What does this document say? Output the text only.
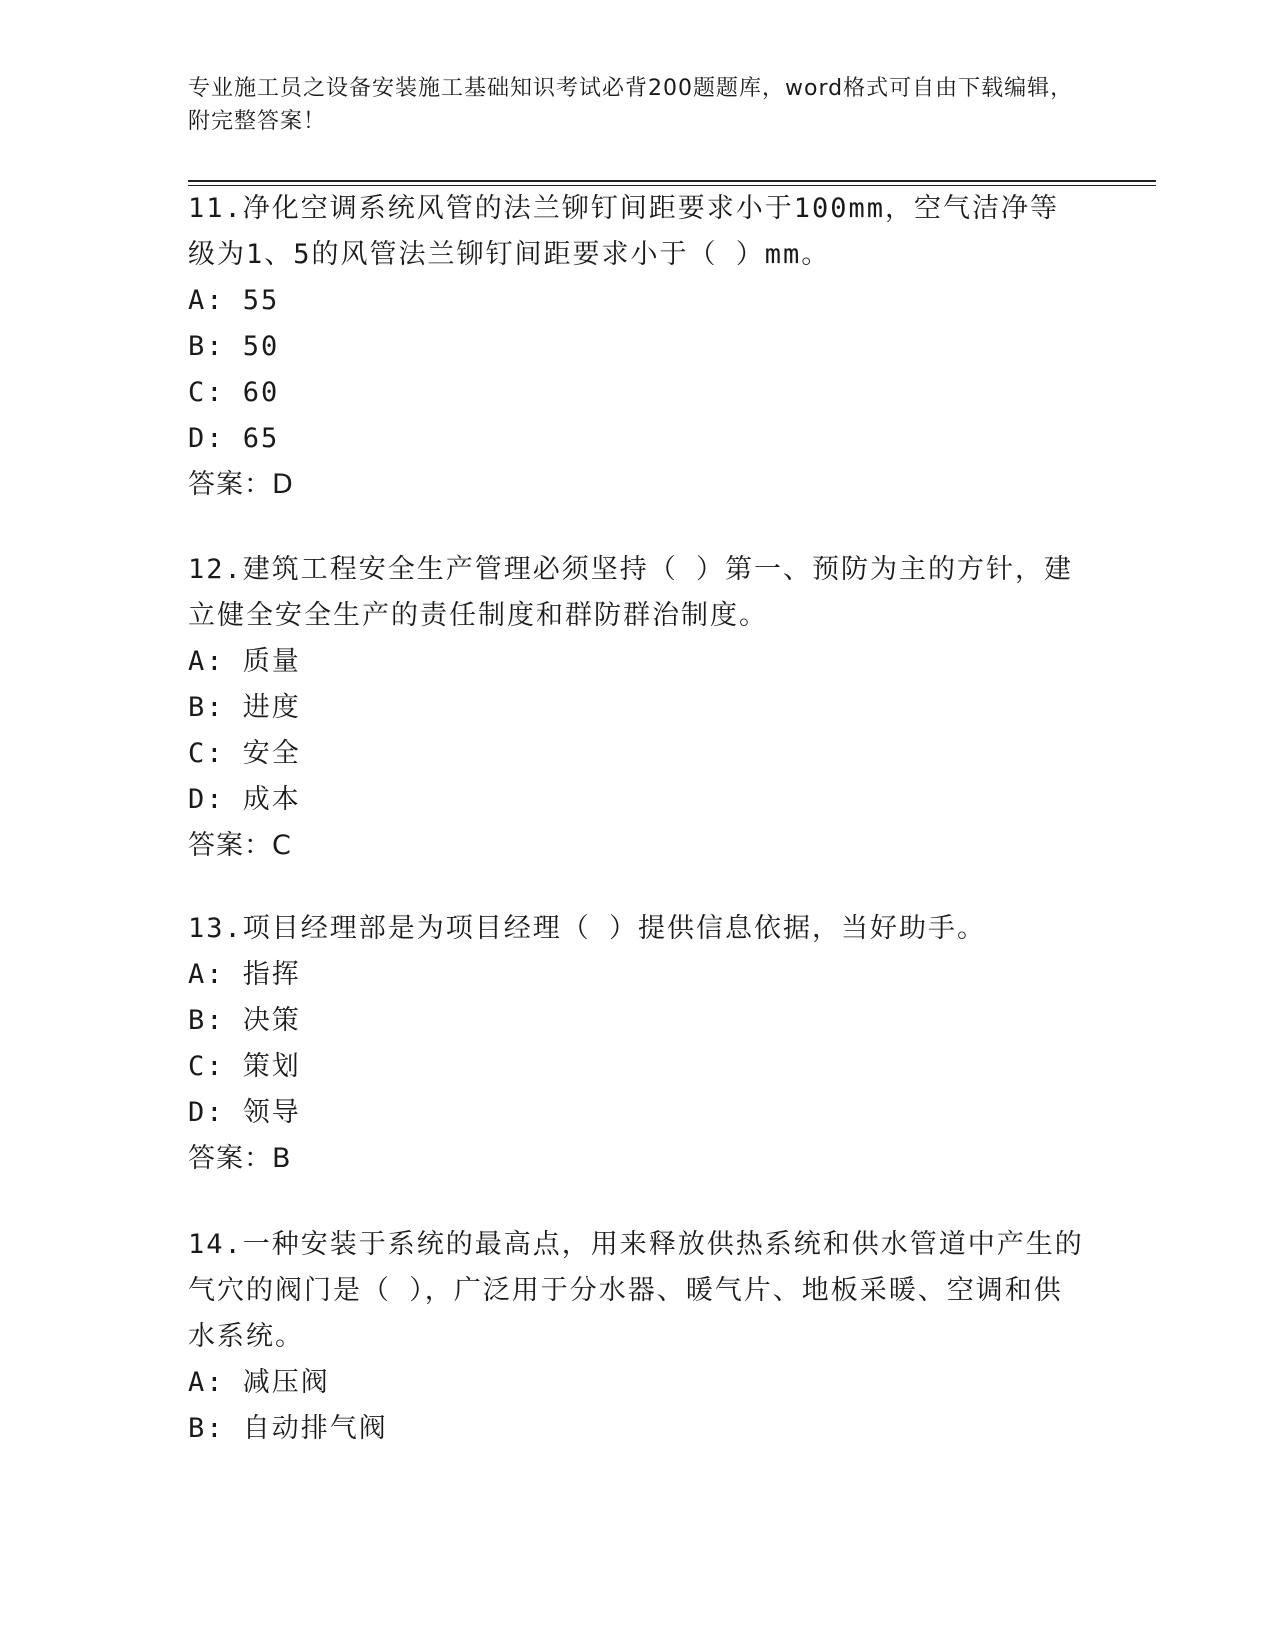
专业施工员之设备安装施工基础知识考试必背200题题库，word格式可自由下载编辑，附完整答案！

11.净化空调系统风管的法兰铆钉间距要求小于100mm，空气洁净等级为1、5的风管法兰铆钉间距要求小于（ ）mm。

A: 55
B: 50
C: 60
D: 65
答案：D

12.建筑工程安全生产管理必须坚持（ ）第一、预防为主的方针，建立健全安全生产的责任制度和群防群治制度。

A: 质量
B: 进度
C: 安全
D: 成本
答案：C

13.项目经理部是为项目经理（ ）提供信息依据，当好助手。

A: 指挥
B: 决策
C: 策划
D: 领导
答案：B

14.一种安装于系统的最高点，用来释放供热系统和供水管道中产生的气穴的阀门是（ ），广泛用于分水器、暖气片、地板采暖、空调和供水系统。

A: 减压阀
B: 自动排气阀
